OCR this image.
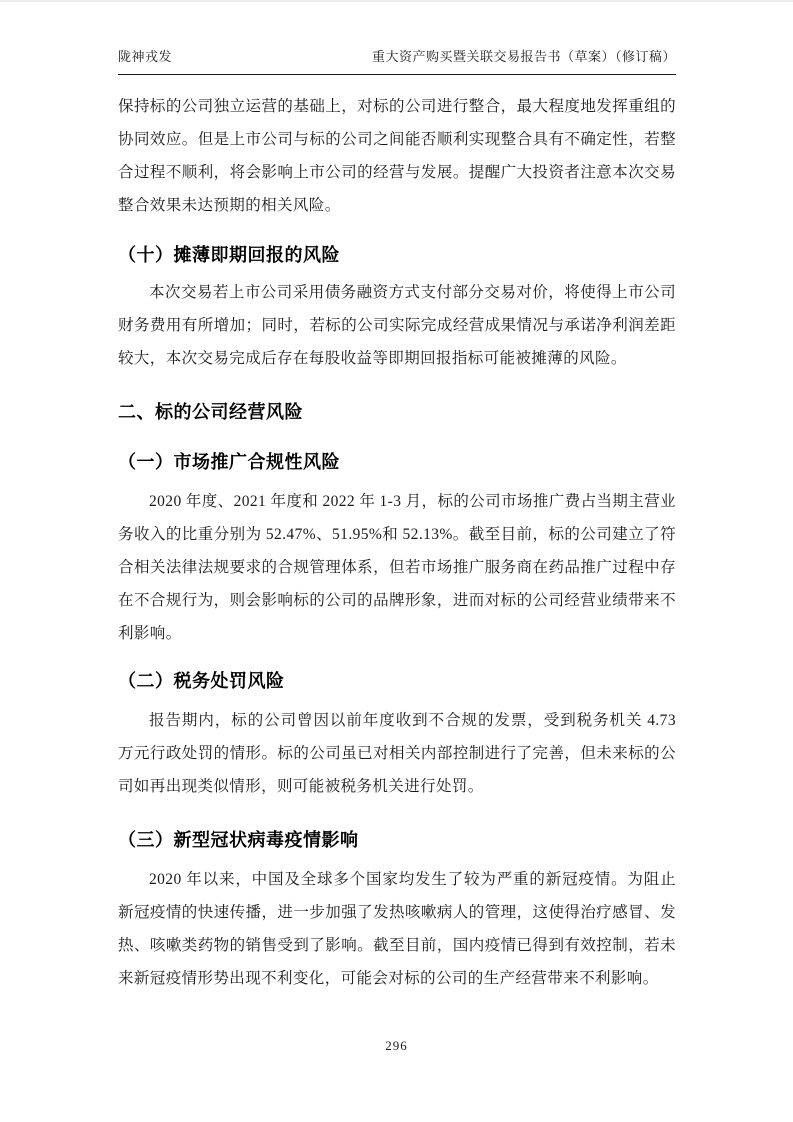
陇神戎发	重大资产购买暨关联交易报告书（草案）（修订稿）

保持标的公司独立运营的基础上，对标的公司进行整合，最大程度地发挥重组的协同效应。但是上市公司与标的公司之间能否顺利实现整合具有不确定性，若整合过程不顺利，将会影响上市公司的经营与发展。提醒广大投资者注意本次交易整合效果未达预期的相关风险。

（十）摊薄即期回报的风险

本次交易若上市公司采用债务融资方式支付部分交易对价，将使得上市公司财务费用有所增加；同时，若标的公司实际完成经营成果情况与承诺净利润差距较大，本次交易完成后存在每股收益等即期回报指标可能被摊薄的风险。

二、标的公司经营风险
（一）市场推广合规性风险

2020 年度、2021 年度和 2022 年 1-3 月，标的公司市场推广费占当期主营业务收入的比重分别为 52.47%、51.95%和 52.13%。截至目前，标的公司建立了符合相关法律法规要求的合规管理体系，但若市场推广服务商在药品推广过程中存在不合规行为，则会影响标的公司的品牌形象，进而对标的公司经营业绩带来不利影响。

（二）税务处罚风险

报告期内，标的公司曾因以前年度收到不合规的发票，受到税务机关 4.73 万元行政处罚的情形。标的公司虽已对相关内部控制进行了完善，但未来标的公司如再出现类似情形，则可能被税务机关进行处罚。

（三）新型冠状病毒疫情影响

2020 年以来，中国及全球多个国家均发生了较为严重的新冠疫情。为阻止新冠疫情的快速传播，进一步加强了发热咳嗽病人的管理，这使得治疗感冒、发热、咳嗽类药物的销售受到了影响。截至目前，国内疫情已得到有效控制，若未来新冠疫情形势出现不利变化，可能会对标的公司的生产经营带来不利影响。

296
